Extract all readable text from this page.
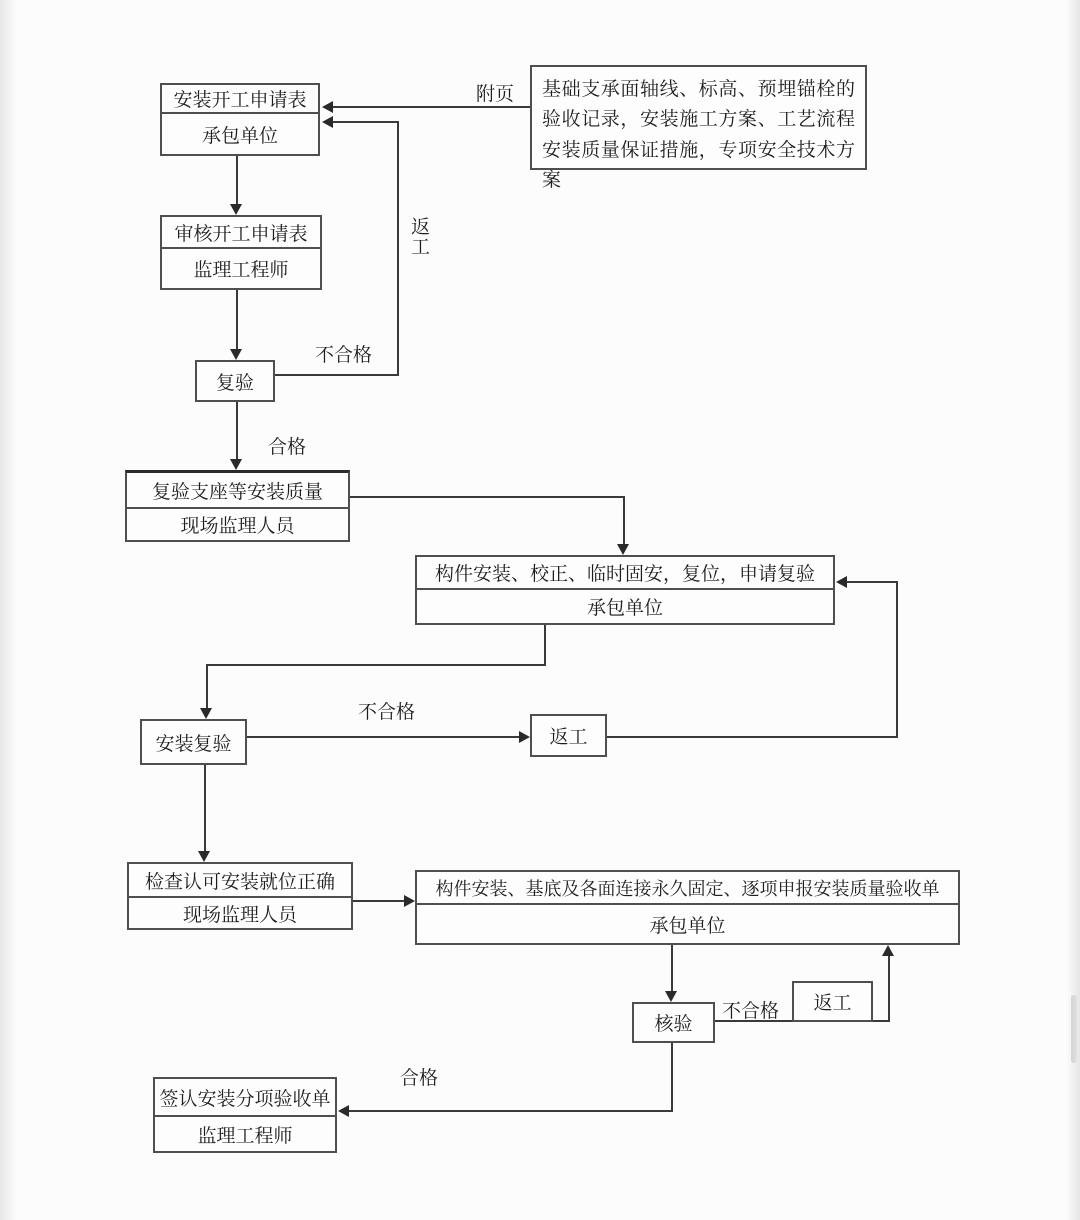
安装开工申请表
承包单位
审核开工申请表
监理工程师
复验
复验支座等安装质量
现场监理人员
基础支承面轴线、标高、预埋锚栓的验收记录，安装施工方案、工艺流程安装质量保证措施，专项安全技术方案
构件安装、校正、临时固安，复位，申请复验
承包单位
安装复验	返工
检查认可安装就位正确
现场监理人员
构件安装、基底及各面连接永久固定、逐项申报安装质量验收单
承包单位
核验
返工
签认安装分项验收单
监理工程师
附页
返工
不合格
合格
不合格
不合格
合格
